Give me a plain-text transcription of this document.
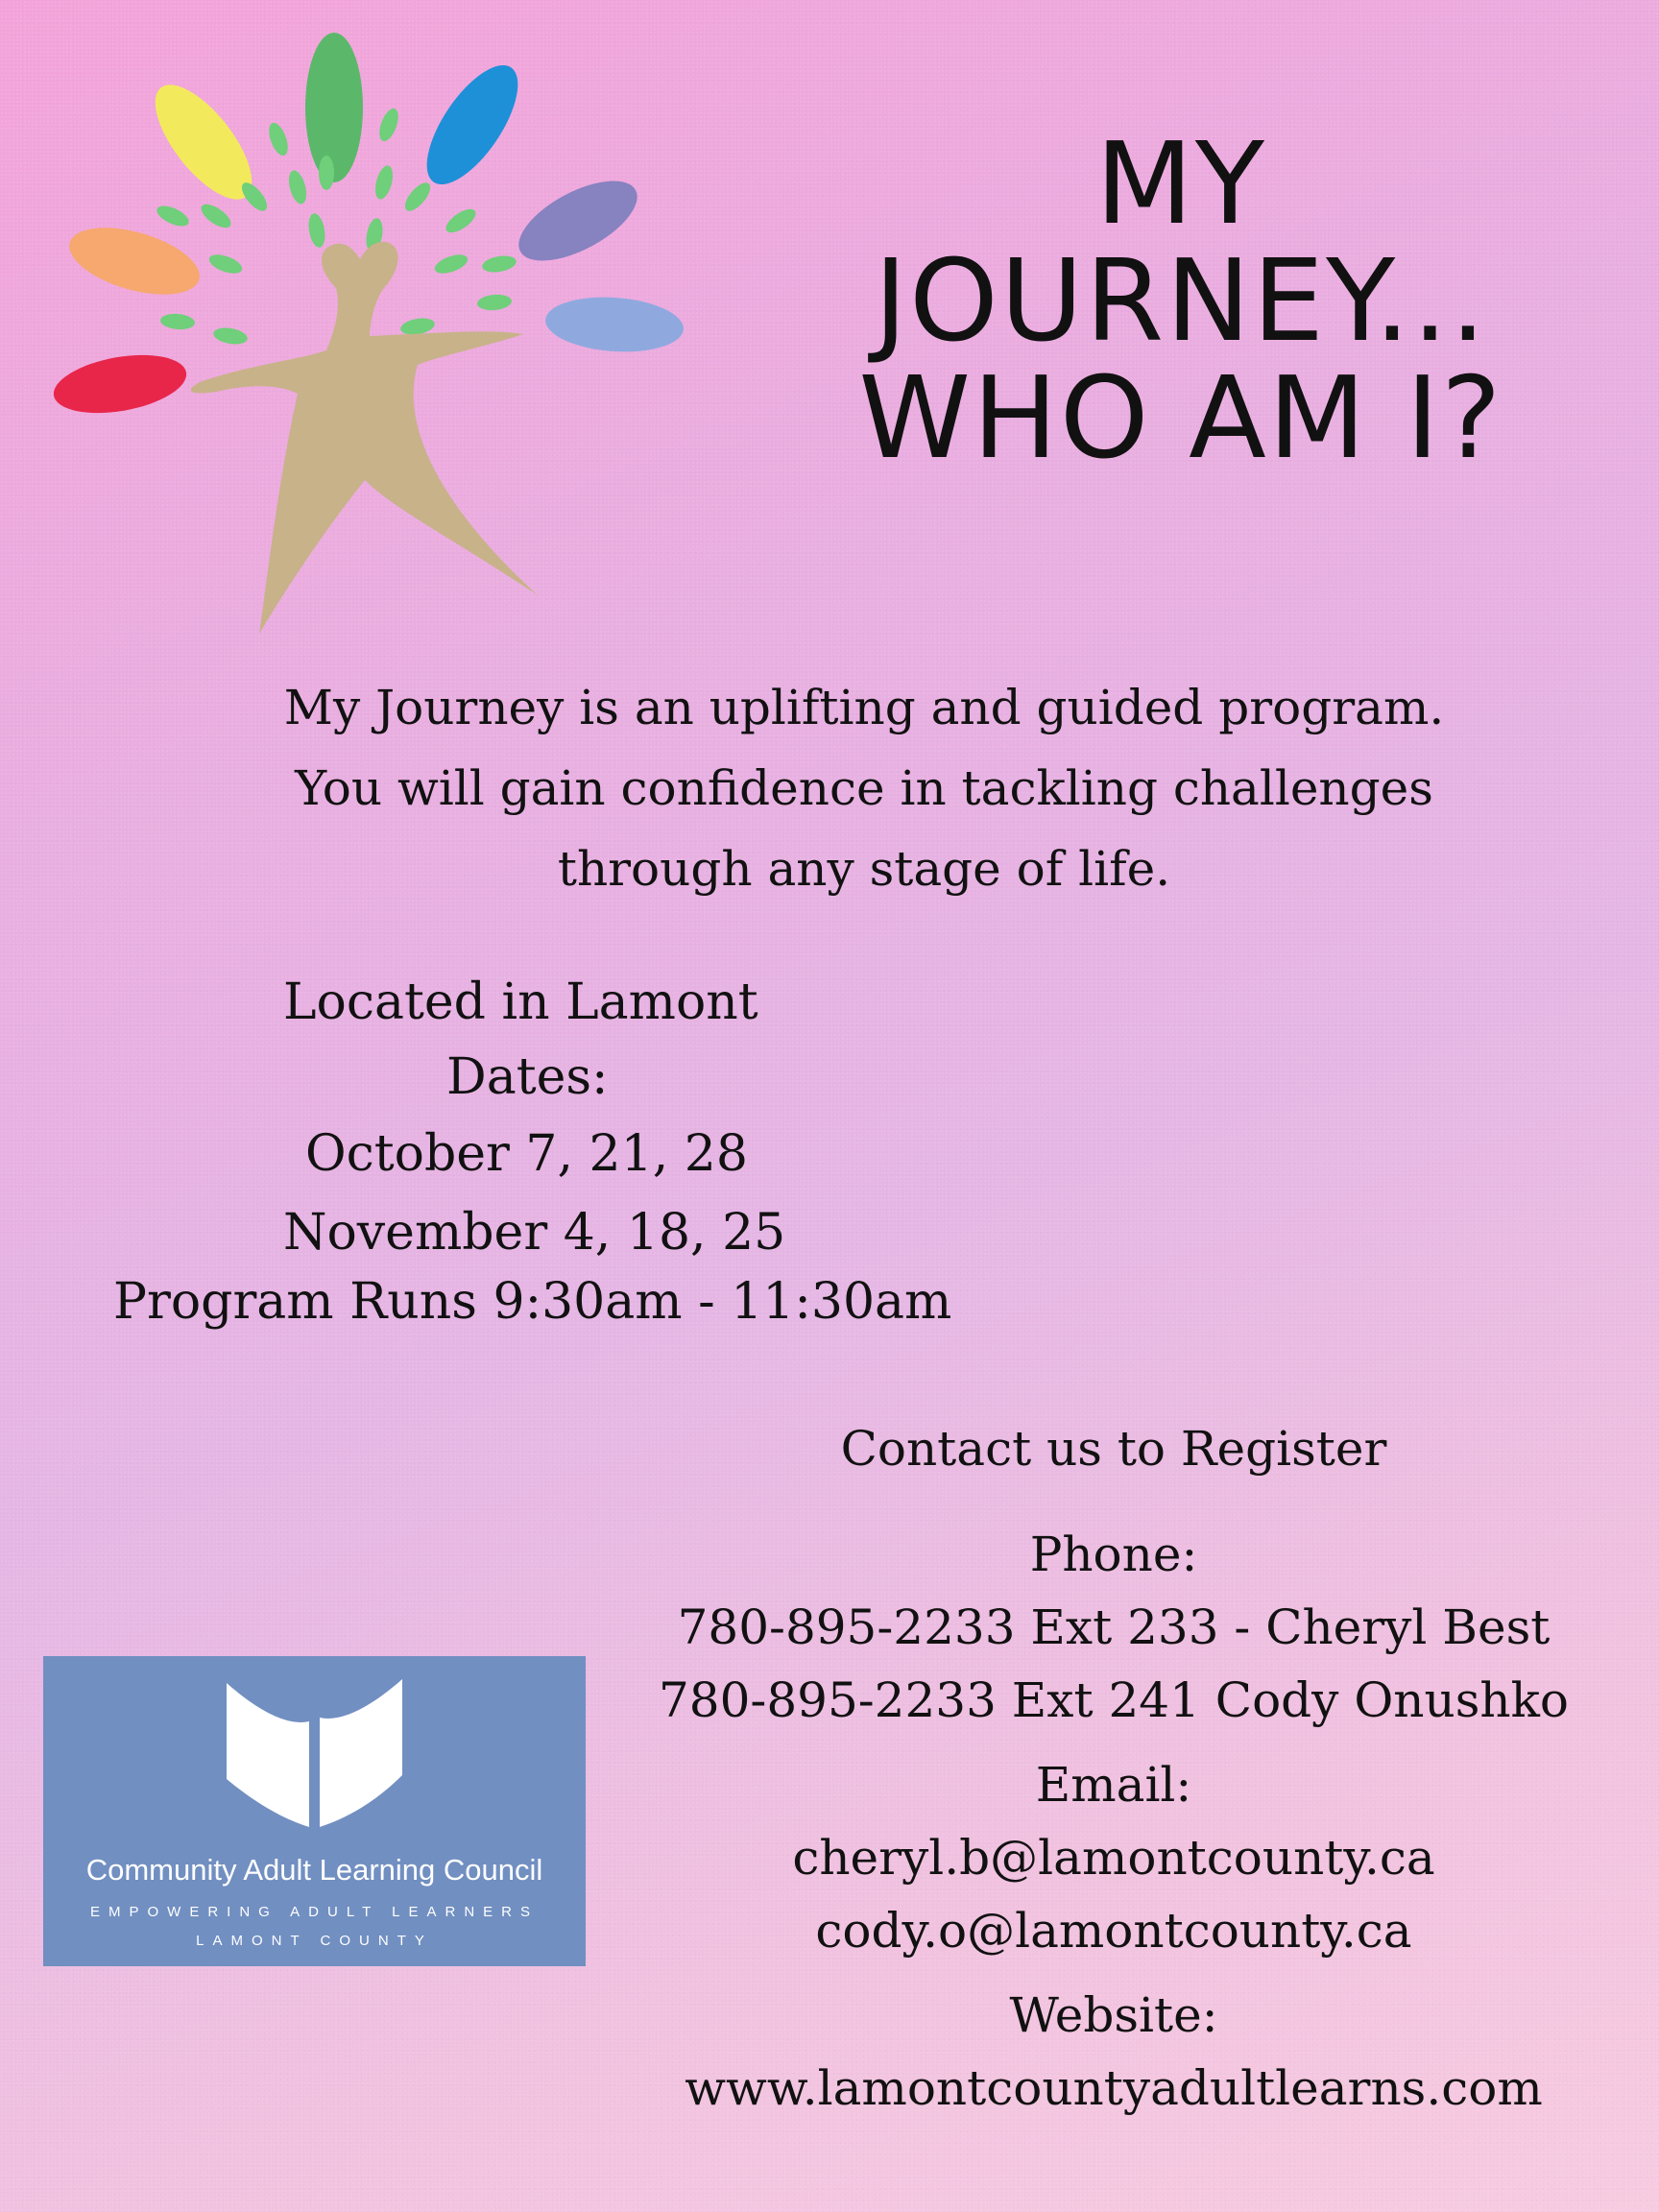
MY
JOURNEY...
WHO AM I?
My Journey is an uplifting and guided program.
You will gain confidence in tackling challenges
through any stage of life.
Located in Lamont
Dates:
October 7, 21, 28
November 4, 18, 25
Program Runs 9:30am - 11:30am
Contact us to Register
Phone:
780-895-2233 Ext 233 - Cheryl Best
780-895-2233 Ext 241 Cody Onushko
Email:
cheryl.b@lamontcounty.ca
cody.o@lamontcounty.ca
Website:
www.lamontcountyadultlearns.com
Community Adult Learning Council
EMPOWERING ADULT LEARNERS
LAMONT COUNTY
